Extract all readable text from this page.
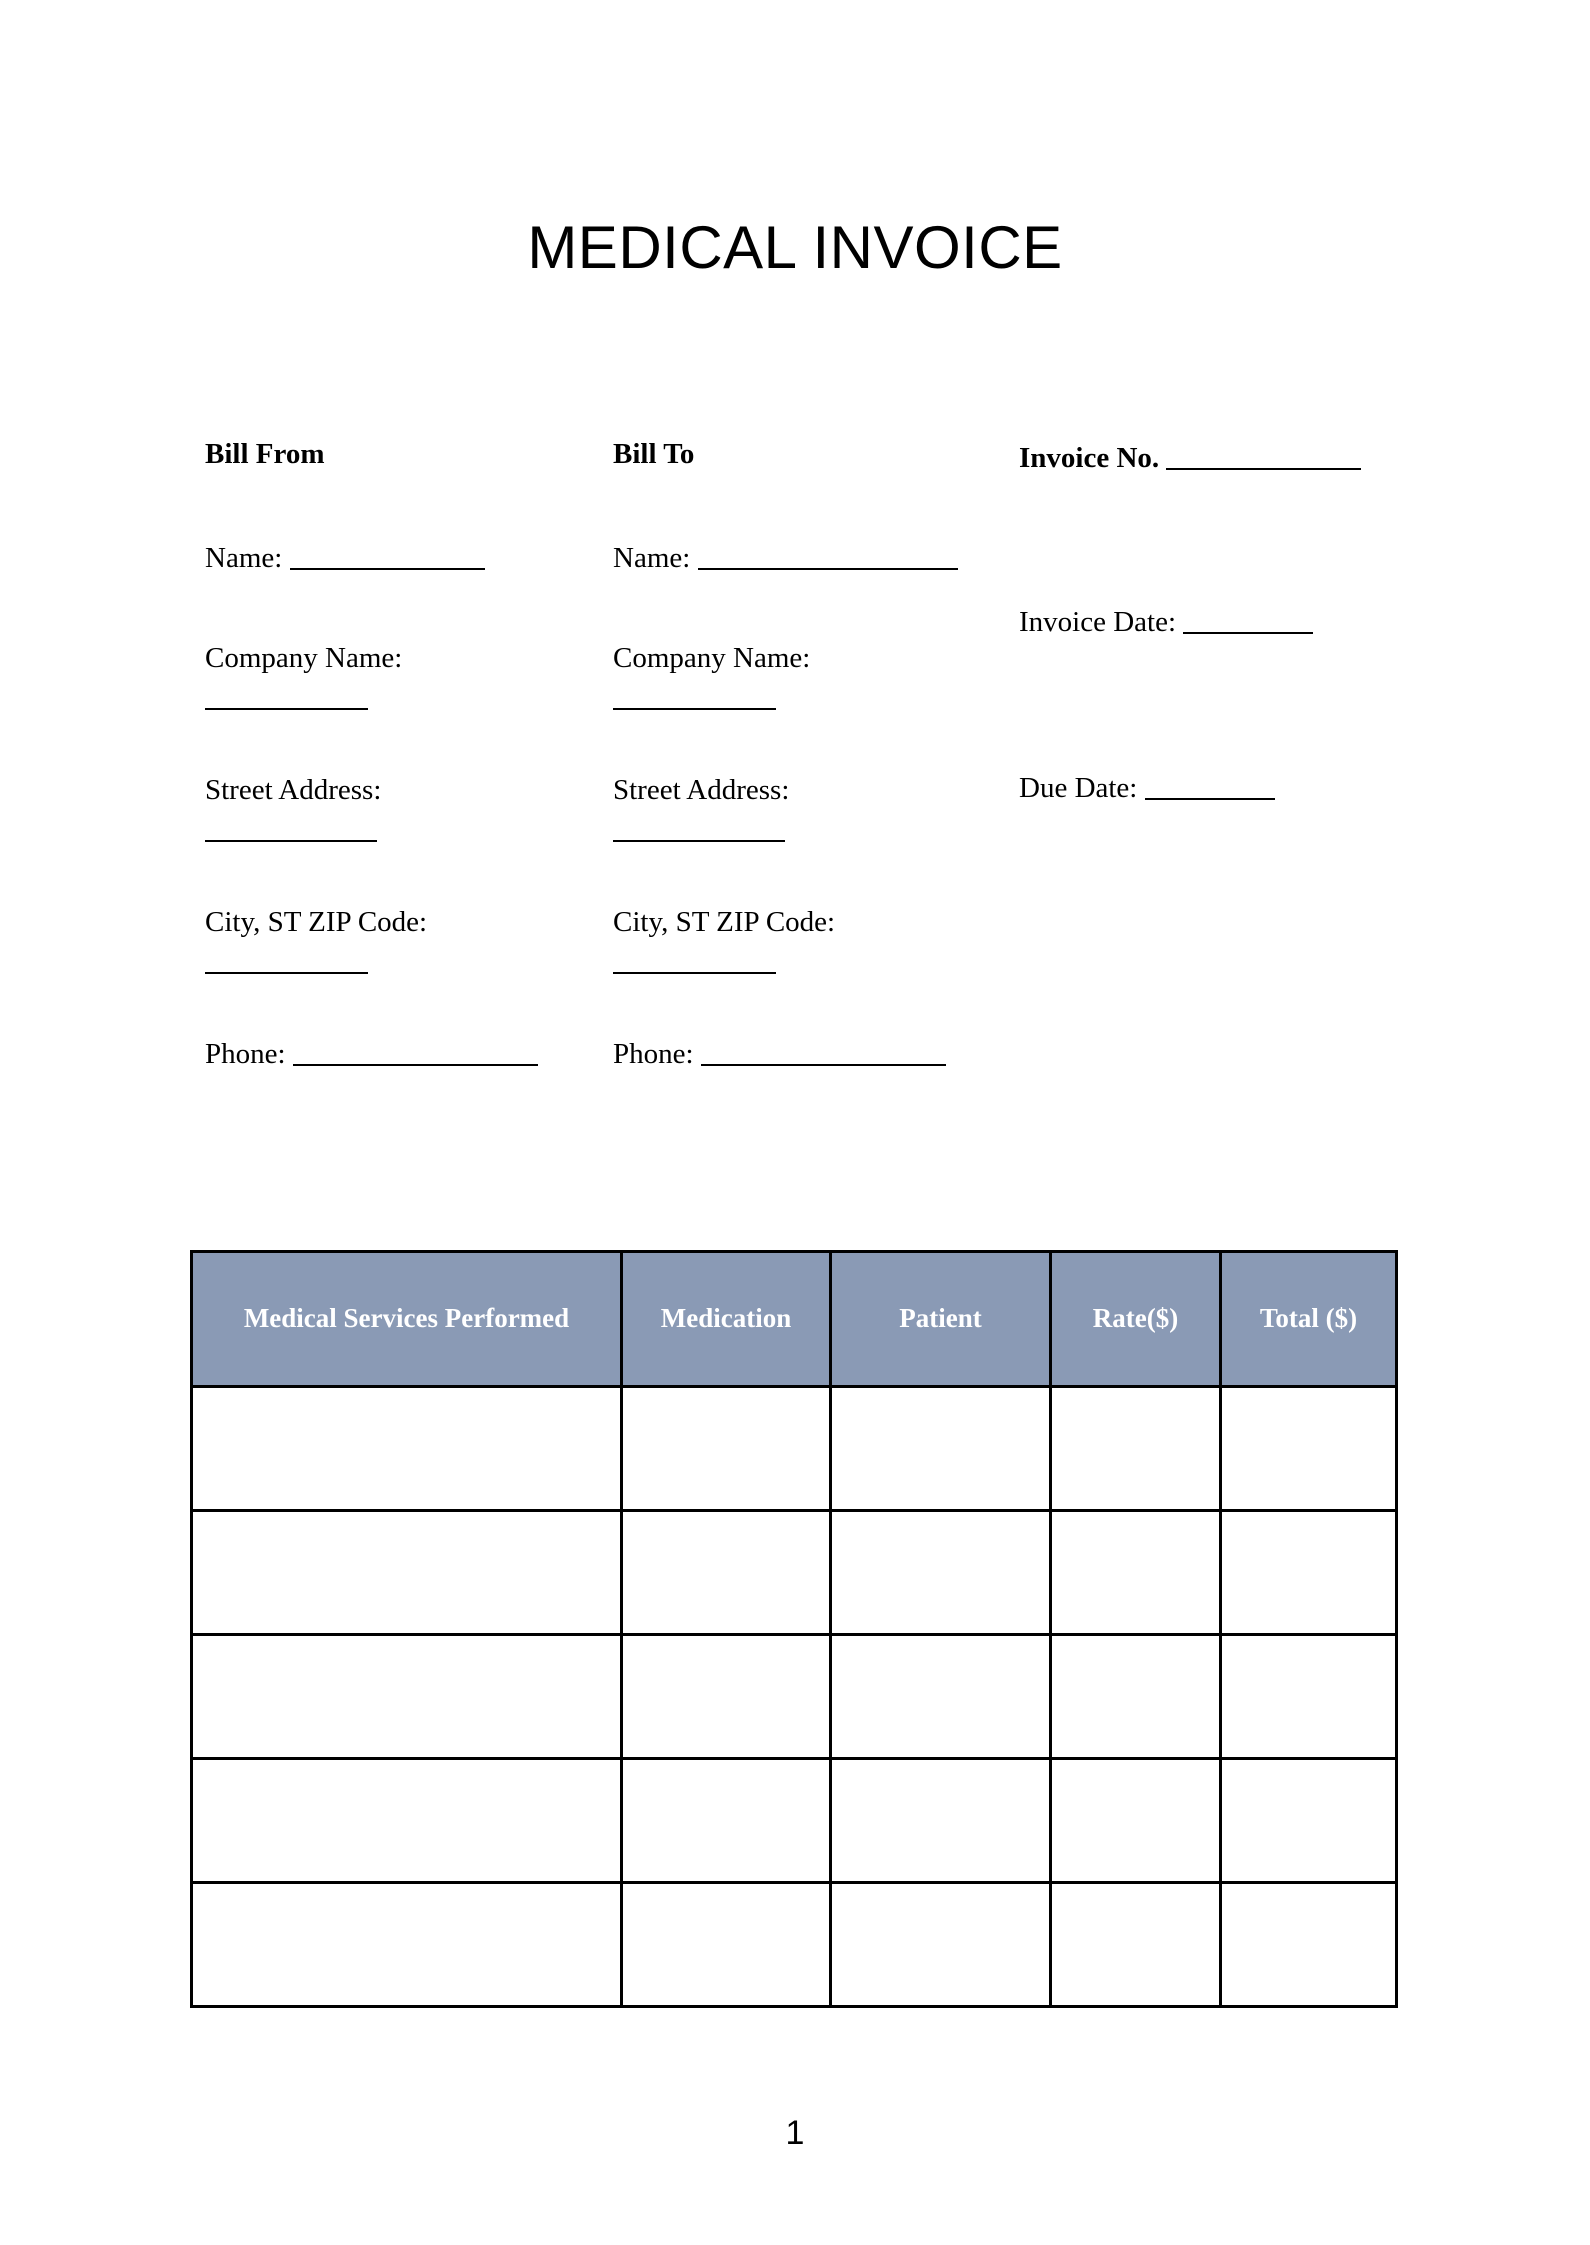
MEDICAL INVOICE
Bill From
Name:
Company Name:
Street Address:
City, ST ZIP Code:
Phone:
Bill To
Name:
Company Name:
Street Address:
City, ST ZIP Code:
Phone:
Invoice No.
Invoice Date:
Due Date:
Medical Services Performed	Medication	Patient	Rate($)	Total ($)

1
